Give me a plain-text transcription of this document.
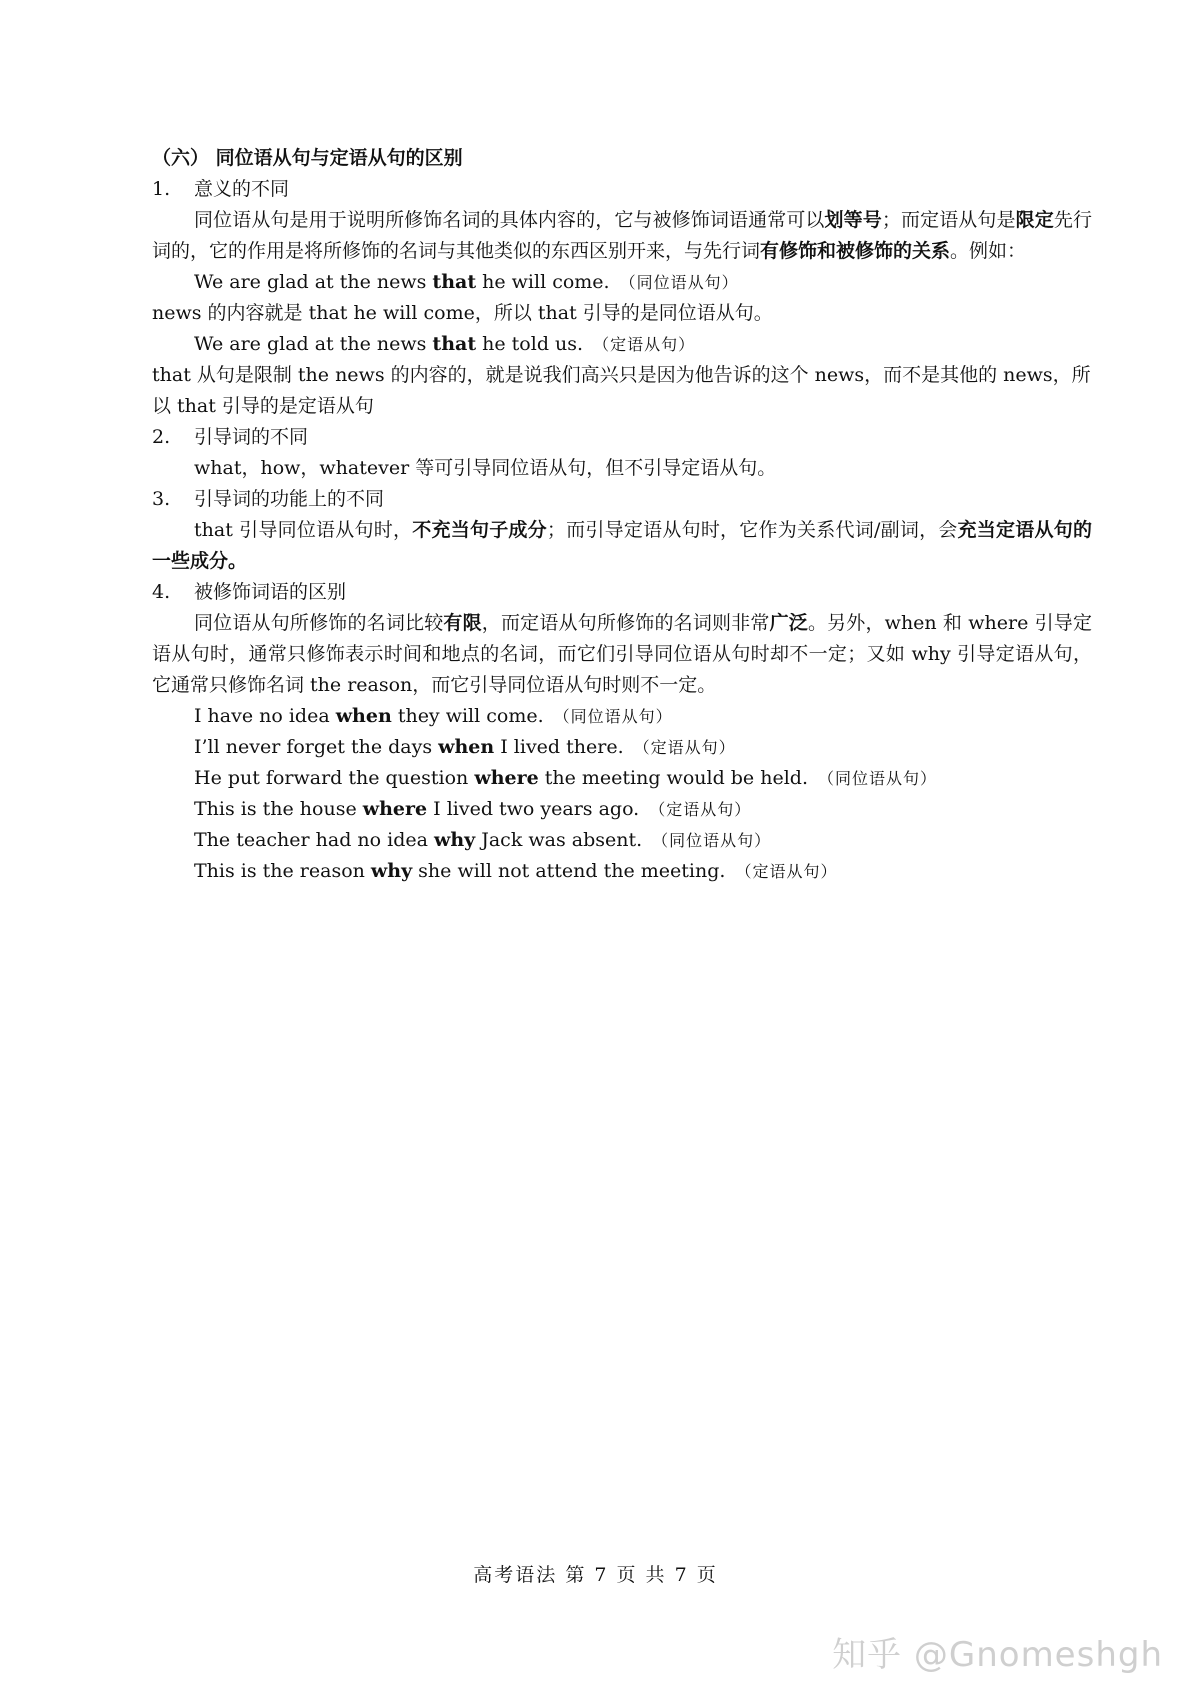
（六） 同位语从句与定语从句的区别

1. 意义的不同

同位语从句是用于说明所修饰名词的具体内容的，它与被修饰词语通常可以划等号；而定语从句是限定先行词的，它的作用是将所修饰的名词与其他类似的东西区别开来，与先行词有修饰和被修饰的关系。例如：

We are glad at the news that he will come. （同位语从句）

news 的内容就是 that he will come，所以 that 引导的是同位语从句。

We are glad at the news that he told us. （定语从句）

that 从句是限制 the news 的内容的，就是说我们高兴只是因为他告诉的这个 news，而不是其他的 news，所以 that 引导的是定语从句

2. 引导词的不同

what，how，whatever 等可引导同位语从句，但不引导定语从句。

3. 引导词的功能上的不同

that 引导同位语从句时，不充当句子成分；而引导定语从句时，它作为关系代词/副词，会充当定语从句的一些成分。

4. 被修饰词语的区别

同位语从句所修饰的名词比较有限，而定语从句所修饰的名词则非常广泛。另外，when 和 where 引导定语从句时，通常只修饰表示时间和地点的名词，而它们引导同位语从句时却不一定；又如 why 引导定语从句，它通常只修饰名词 the reason，而它引导同位语从句时则不一定。

I have no idea when they will come. （同位语从句）

I’ll never forget the days when I lived there. （定语从句）

He put forward the question where the meeting would be held. （同位语从句）

This is the house where I lived two years ago. （定语从句）

The teacher had no idea why Jack was absent. （同位语从句）

This is the reason why she will not attend the meeting. （定语从句）

高考语法 第 7 页 共 7 页
知乎 @Gnomeshgh
